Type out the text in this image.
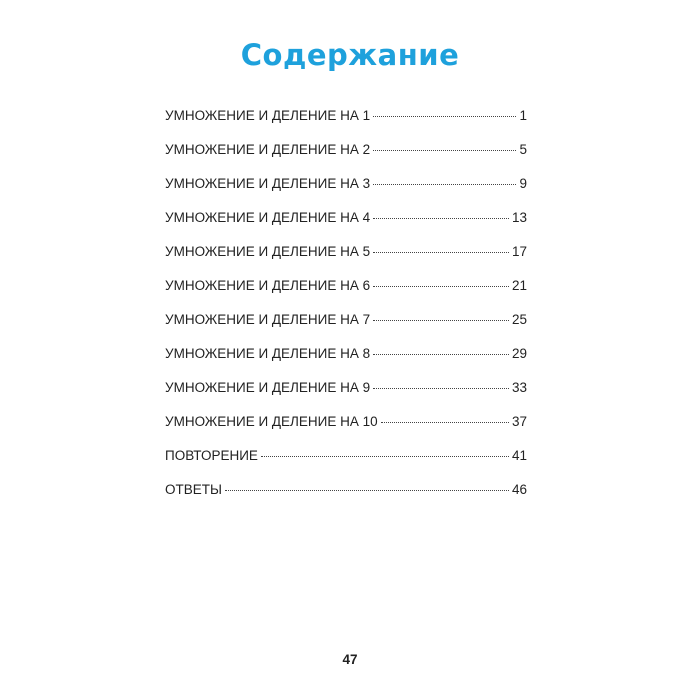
Содержание
УМНОЖЕНИЕ И ДЕЛЕНИЕ НА 1	1
УМНОЖЕНИЕ И ДЕЛЕНИЕ НА 2	5
УМНОЖЕНИЕ И ДЕЛЕНИЕ НА 3	9
УМНОЖЕНИЕ И ДЕЛЕНИЕ НА 4	13
УМНОЖЕНИЕ И ДЕЛЕНИЕ НА 5	17
УМНОЖЕНИЕ И ДЕЛЕНИЕ НА 6	21
УМНОЖЕНИЕ И ДЕЛЕНИЕ НА 7	25
УМНОЖЕНИЕ И ДЕЛЕНИЕ НА 8	29
УМНОЖЕНИЕ И ДЕЛЕНИЕ НА 9	33
УМНОЖЕНИЕ И ДЕЛЕНИЕ НА 10	37
ПОВТОРЕНИЕ	41
ОТВЕТЫ	46
47
